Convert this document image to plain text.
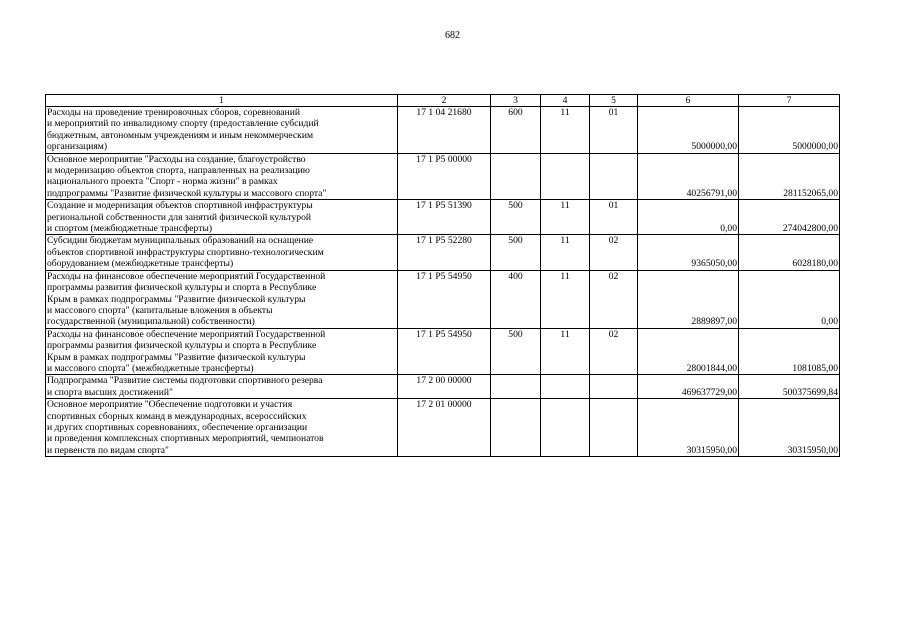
682
1	2	3	4	5	6	7

Расходы на проведение тренировочных сборов, соревнований
и мероприятий по инвалидному спорту (предоставление субсидий
бюджетным, автономным учреждениям и иным некоммерческим
организациям)	17 1 04 21680	600	11	01	5000000,00	5000000,00

Основное мероприятие "Расходы на создание, благоустройство
и модернизацию объектов спорта, направленных на реализацию
национального проекта "Спорт - норма жизни" в рамках
подпрограммы "Развитие физической культуры и массового спорта"	17 1 P5 00000				40256791,00	281152065,00

Создание и модернизация объектов спортивной инфраструктуры
региональной собственности для занятий физической культурой
и спортом (межбюджетные трансферты)	17 1 P5 51390	500	11	01	0,00	274042800,00

Субсидии бюджетам муниципальных образований на оснащение
объектов спортивной инфраструктуры спортивно-технологическим
оборудованием (межбюджетные трансферты)	17 1 P5 52280	500	11	02	9365050,00	6028180,00

Расходы на финансовое обеспечение мероприятий Государственной
программы развития физической культуры и спорта в Республике
Крым в рамках подпрограммы "Развитие физической культуры
и массового спорта" (капитальные вложения в объекты
государственной (муниципальной) собственности)	17 1 P5 54950	400	11	02	2889897,00	0,00

Расходы на финансовое обеспечение мероприятий Государственной
программы развития физической культуры и спорта в Республике
Крым в рамках подпрограммы "Развитие физической культуры
и массового спорта" (межбюджетные трансферты)	17 1 P5 54950	500	11	02	28001844,00	1081085,00

Подпрограмма "Развитие системы подготовки спортивного резерва
и спорта высших достижений"	17 2 00 00000				469637729,00	500375699,84

Основное мероприятие "Обеспечение подготовки и участия
спортивных сборных команд в международных, всероссийских
и других спортивных соревнованиях, обеспечение организации
и проведения комплексных спортивных мероприятий, чемпионатов
и первенств по видам спорта"	17 2 01 00000				30315950,00	30315950,00
